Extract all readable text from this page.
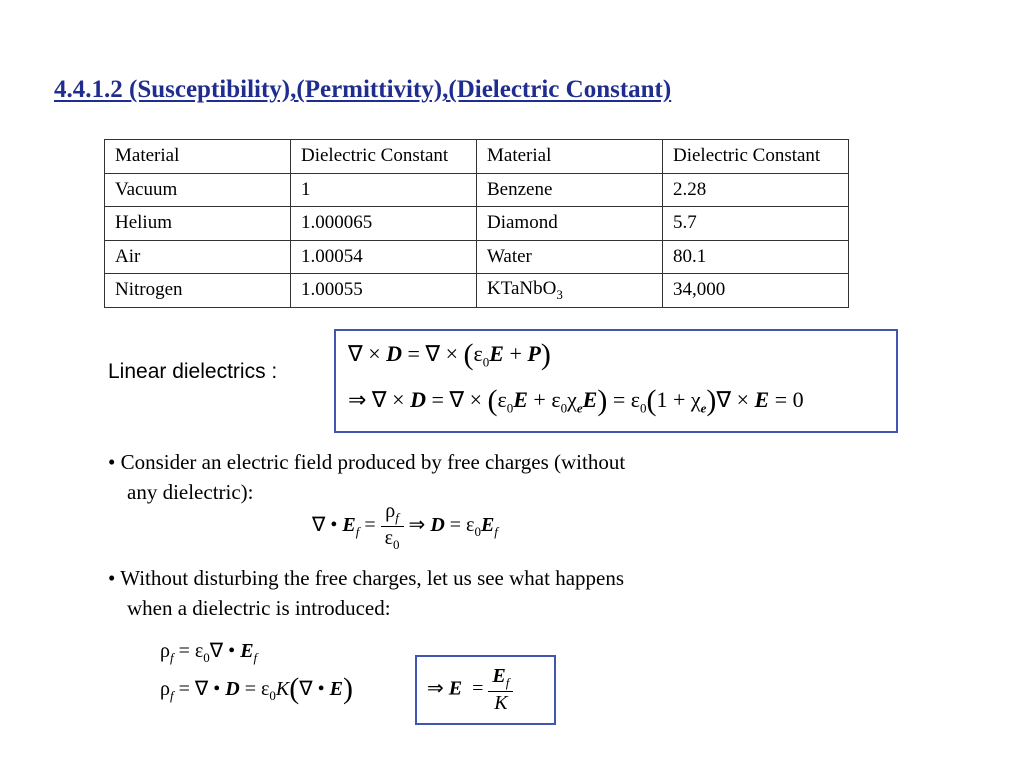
4.4.1.2 (Susceptibility),(Permittivity),(Dielectric Constant)
Material	Dielectric Constant	Material	Dielectric Constant
Vacuum	1	Benzene	2.28
Helium	1.000065	Diamond	5.7
Air	1.00054	Water	80.1
Nitrogen	1.00055	KTaNbO$_3$	34,000
Linear dielectrics :
∇ × D = ∇ × $(\varepsilon_0E + P)$
⇒ ∇ × D = ∇ × $(\varepsilon_0E + \varepsilon_0\chi_eE) = \varepsilon_0(1 + \chi_e)\nabla \times E = 0$
• Consider an electric field produced by free charges (without
any dielectric):
∇ • $E_f = \frac{\rho_f}{\varepsilon_0}$ ⇒ $D = \varepsilon_0E_f$
• Without disturbing the free charges, let us see what happens
when a dielectric is introduced:
$\rho_f = \varepsilon_0\nabla$ • $E_f$
$\rho_f$ = ∇ • $D = \varepsilon_0K(\nabla$ • E)	⇒ $E = \frac{E_f}{K}$
